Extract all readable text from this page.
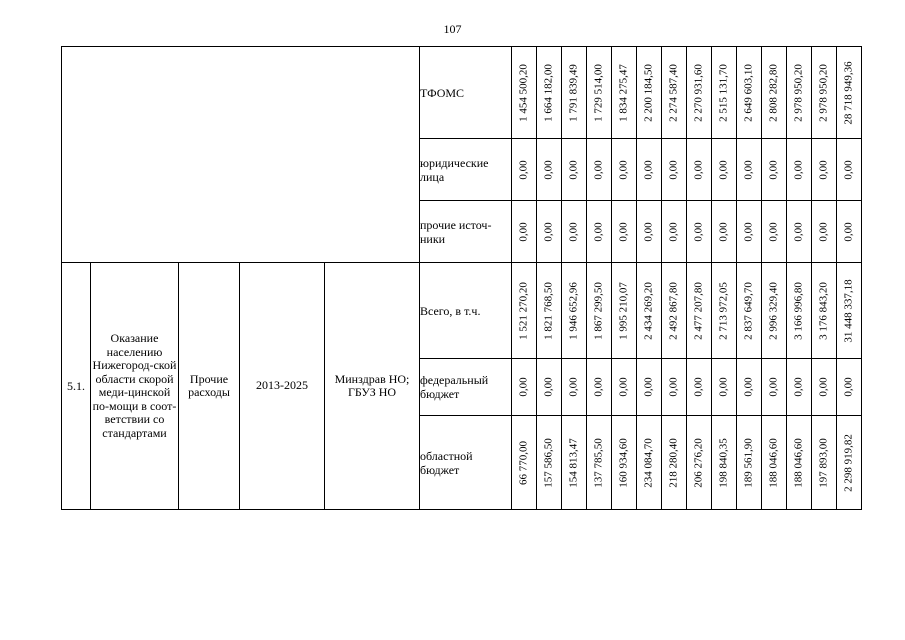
107
					ТФОМС	1 454 500,20	1 664 182,00	1 791 839,49	1 729 514,00	1 834 275,47	2 200 184,50	2 274 587,40	2 270 931,60	2 515 131,70	2 649 603,10	2 808 282,80	2 978 950,20	2 978 950,20	28 718 949,36

					юридические лица	0,00	0,00	0,00	0,00	0,00	0,00	0,00	0,00	0,00	0,00	0,00	0,00	0,00	0,00

					прочие источ-ники	0,00	0,00	0,00	0,00	0,00	0,00	0,00	0,00	0,00	0,00	0,00	0,00	0,00	0,00

5.1.	Оказание населению Нижегород-ской области скорой меди-цинской по-мощи в соот-ветствии со стандартами	Прочие расходы	2013-2025	Минздрав НО; ГБУЗ НО	Всего, в т.ч.	1 521 270,20	1 821 768,50	1 946 652,96	1 867 299,50	1 995 210,07	2 434 269,20	2 492 867,80	2 477 207,80	2 713 972,05	2 837 649,70	2 996 329,40	3 166 996,80	3 176 843,20	31 448 337,18

					федеральный бюджет	0,00	0,00	0,00	0,00	0,00	0,00	0,00	0,00	0,00	0,00	0,00	0,00	0,00	0,00

					областной бюджет	66 770,00	157 586,50	154 813,47	137 785,50	160 934,60	234 084,70	218 280,40	206 276,20	198 840,35	189 561,90	188 046,60	188 046,60	197 893,00	2 298 919,82
